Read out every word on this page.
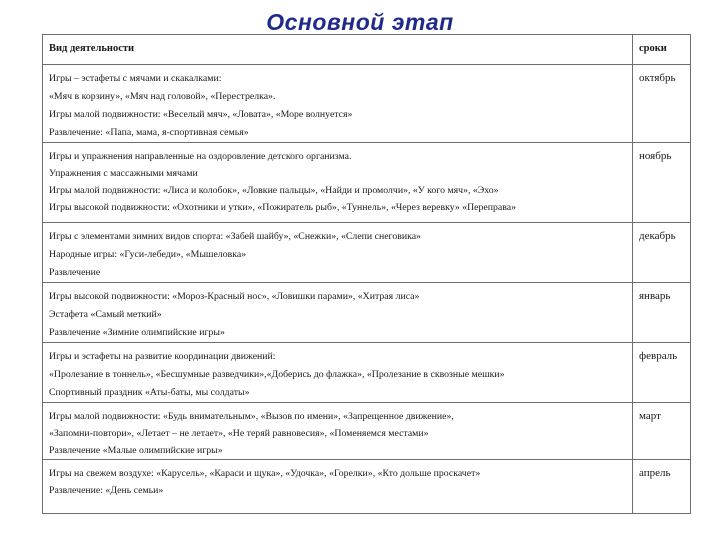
Основной этап
Вид деятельности	сроки

Игры – эстафеты с мячами и скакалками:
«Мяч в корзину», «Мяч над головой», «Перестрелка».
Игры малой подвижности: «Веселый мяч», «Ловата», «Море волнуется»
Развлечение: «Папа, мама, я-спортивная семья»	октябрь

Игры и упражнения направленные на оздоровление детского организма.
Упражнения с массажными мячами
Игры малой подвижности: «Лиса и колобок», «Ловкие пальцы», «Найди и промолчи», «У кого мяч», «Эхо»
Игры высокой подвижности: «Охотники и утки», «Пожиратель рыб», «Туннель», «Через веревку» «Переправа»	ноябрь

Игры с элементами зимних видов спорта: «Забей шайбу», «Снежки», «Слепи снеговика»
Народные игры: «Гуси-лебеди», «Мышеловка»
Развлечение	декабрь

Игры высокой подвижности: «Мороз-Красный нос», «Ловишки парами», «Хитрая лиса»
Эстафета «Самый меткий»
Развлечение «Зимние олимпийские игры»	январь

Игры и эстафеты на развитие координации движений:
«Пролезание в тоннель», «Бесшумные разведчики»,«Доберись до флажка», «Пролезание в сквозные мешки»
Спортивный праздник «Аты-баты, мы солдаты»	февраль

Игры малой подвижности: «Будь внимательным», «Вызов по имени», «Запрещенное движение»,
«Запомни-повтори», «Летает – не летает», «Не теряй равновесия», «Поменяемся местами»
Развлечение «Малые олимпийские игры»	март

Игры на свежем воздухе: «Карусель», «Караси и щука», «Удочка», «Горелки», «Кто дольше проскачет»
Развлечение: «День семьи»	апрель
